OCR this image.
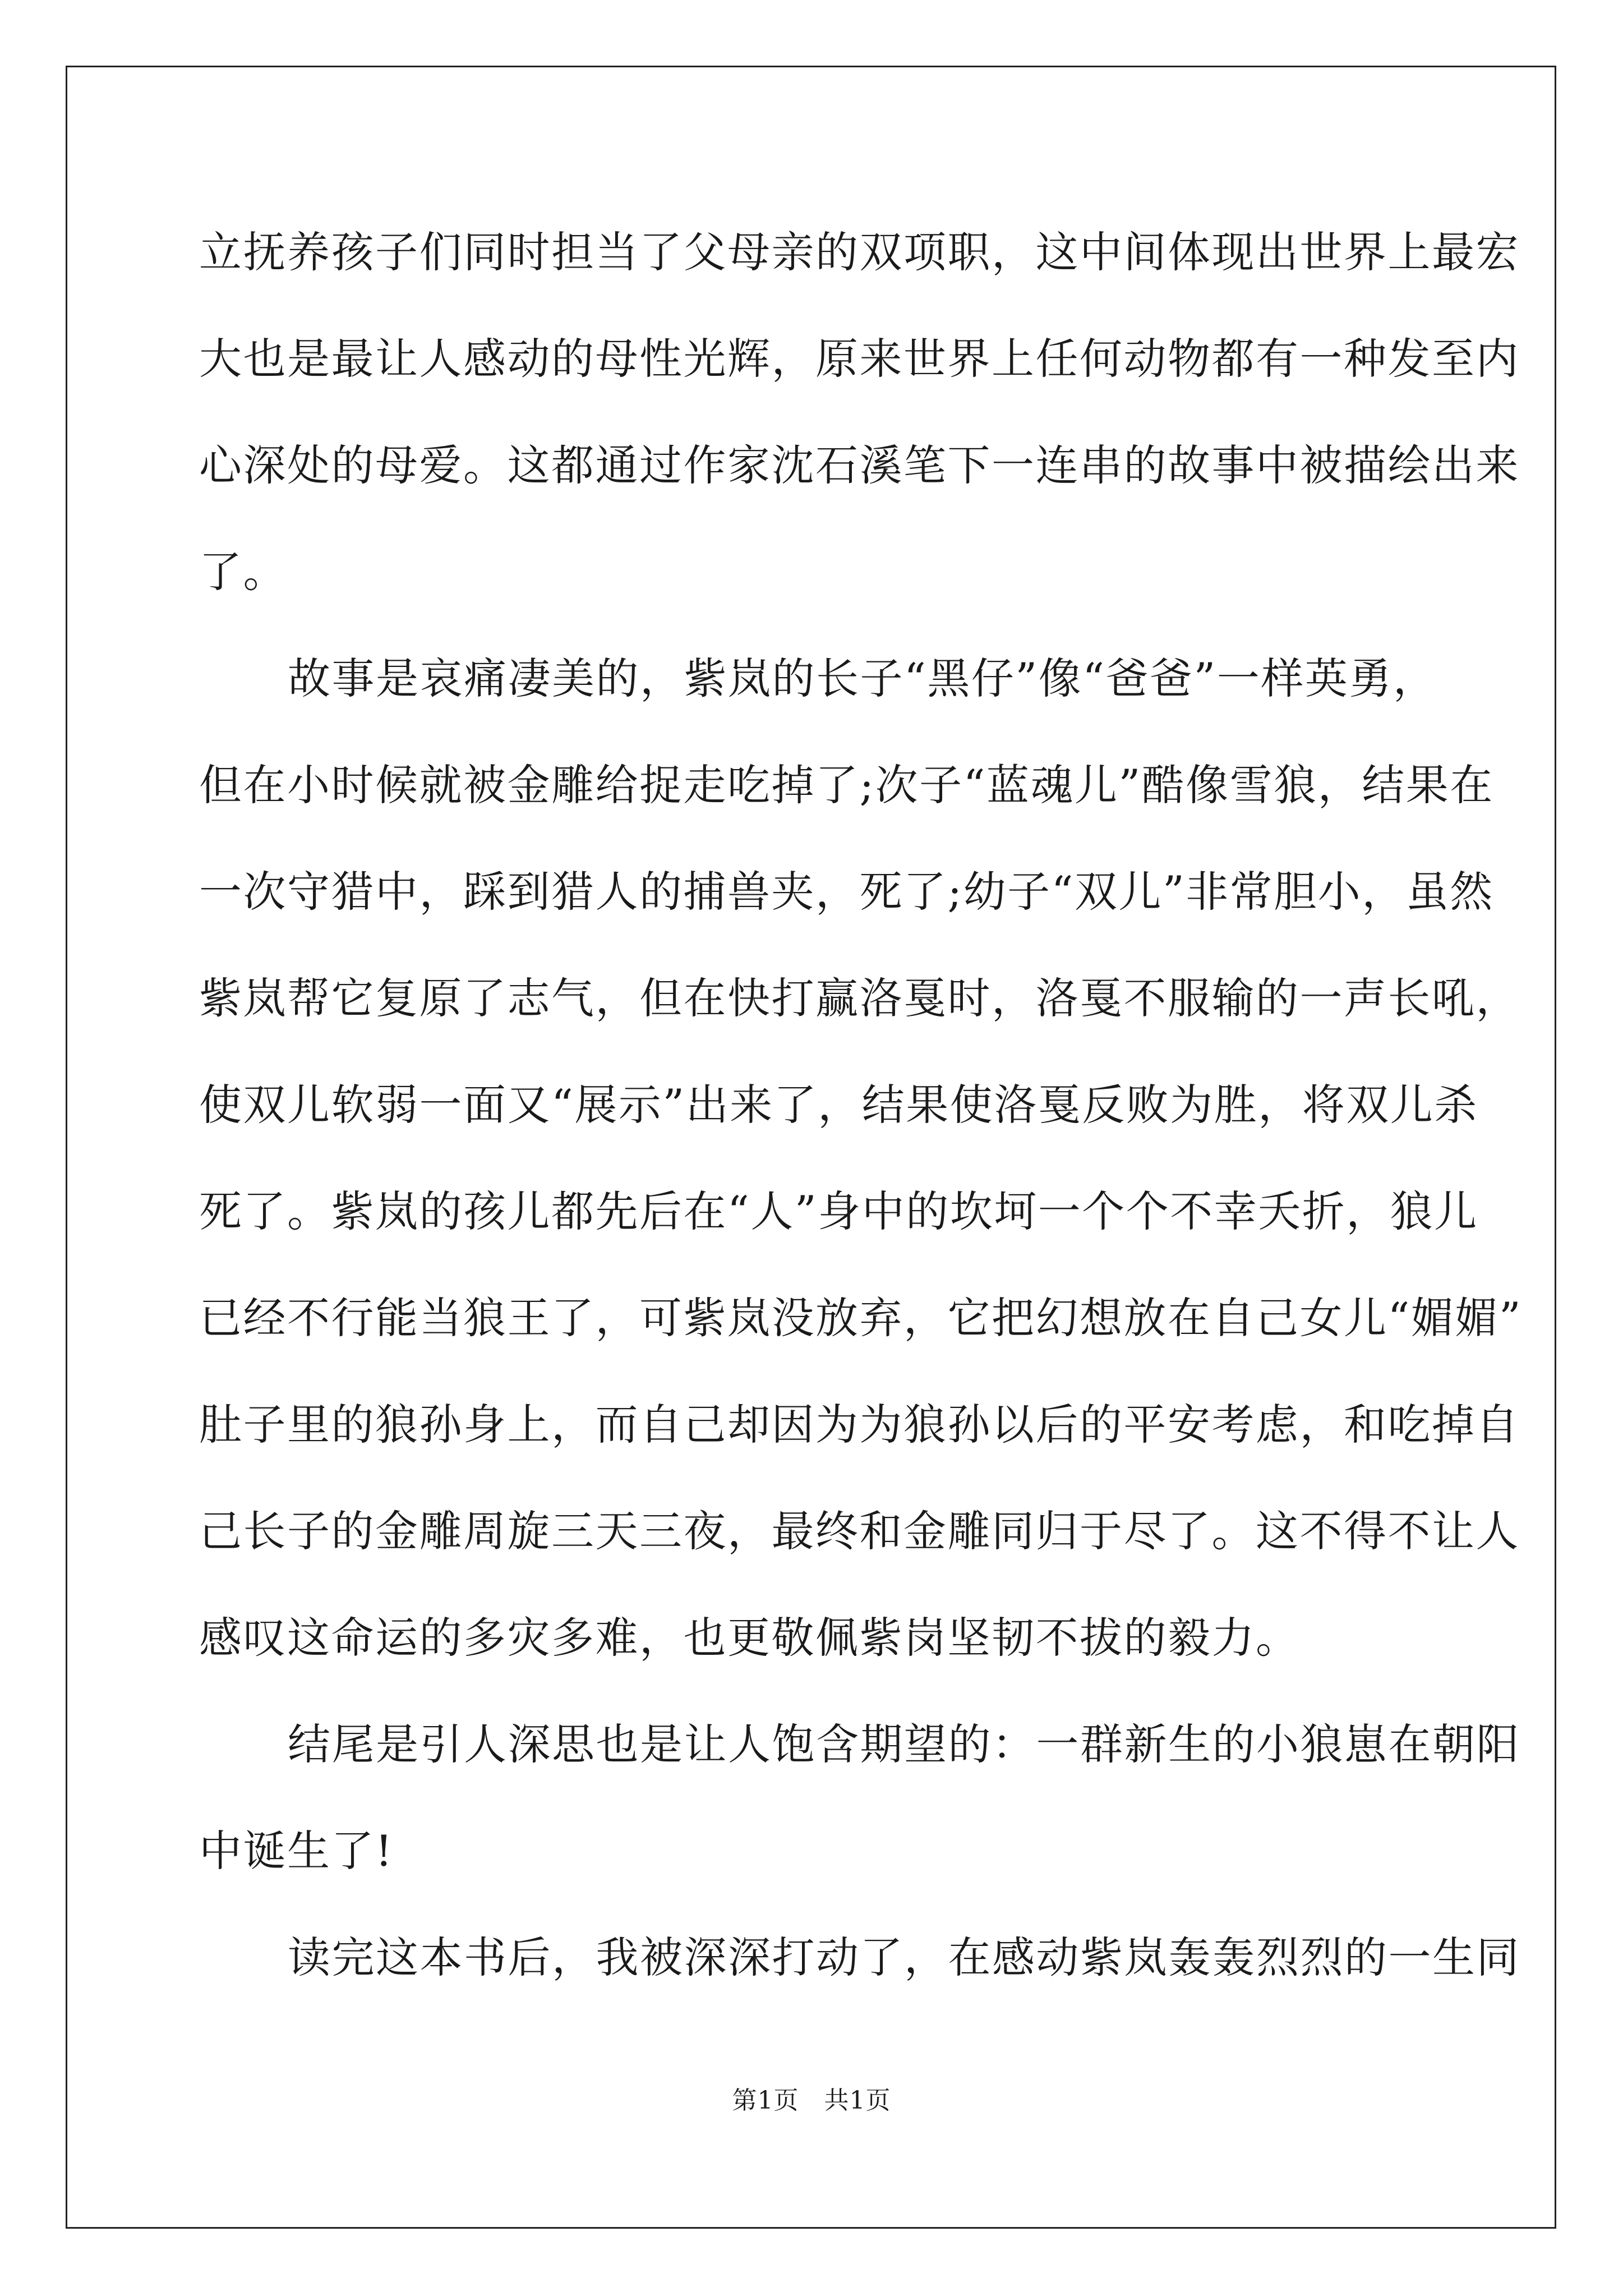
立抚养孩子们同时担当了父母亲的双项职，这中间体现出世界上最宏
大也是最让人感动的母性光辉，原来世界上任何动物都有一种发至内
心深处的母爱。这都通过作家沈石溪笔下一连串的故事中被描绘出来
了。
故事是哀痛凄美的，紫岚的长子“黑仔”像“爸爸”一样英勇，
但在小时候就被金雕给捉走吃掉了;次子“蓝魂儿”酷像雪狼，结果在
一次守猎中，踩到猎人的捕兽夹，死了;幼子“双儿”非常胆小，虽然
紫岚帮它复原了志气，但在快打赢洛戛时，洛戛不服输的一声长吼，
使双儿软弱一面又“展示”出来了，结果使洛戛反败为胜，将双儿杀
死了。紫岚的孩儿都先后在“人”身中的坎坷一个个不幸夭折，狼儿
已经不行能当狼王了，可紫岚没放弃，它把幻想放在自己女儿“媚媚”
肚子里的狼孙身上，而自己却因为为狼孙以后的平安考虑，和吃掉自
己长子的金雕周旋三天三夜，最终和金雕同归于尽了。这不得不让人
感叹这命运的多灾多难，也更敬佩紫岗坚韧不拔的毅力。
结尾是引人深思也是让人饱含期望的：一群新生的小狼崽在朝阳
中诞生了!
读完这本书后，我被深深打动了，在感动紫岚轰轰烈烈的一生同
第1页　共1页
